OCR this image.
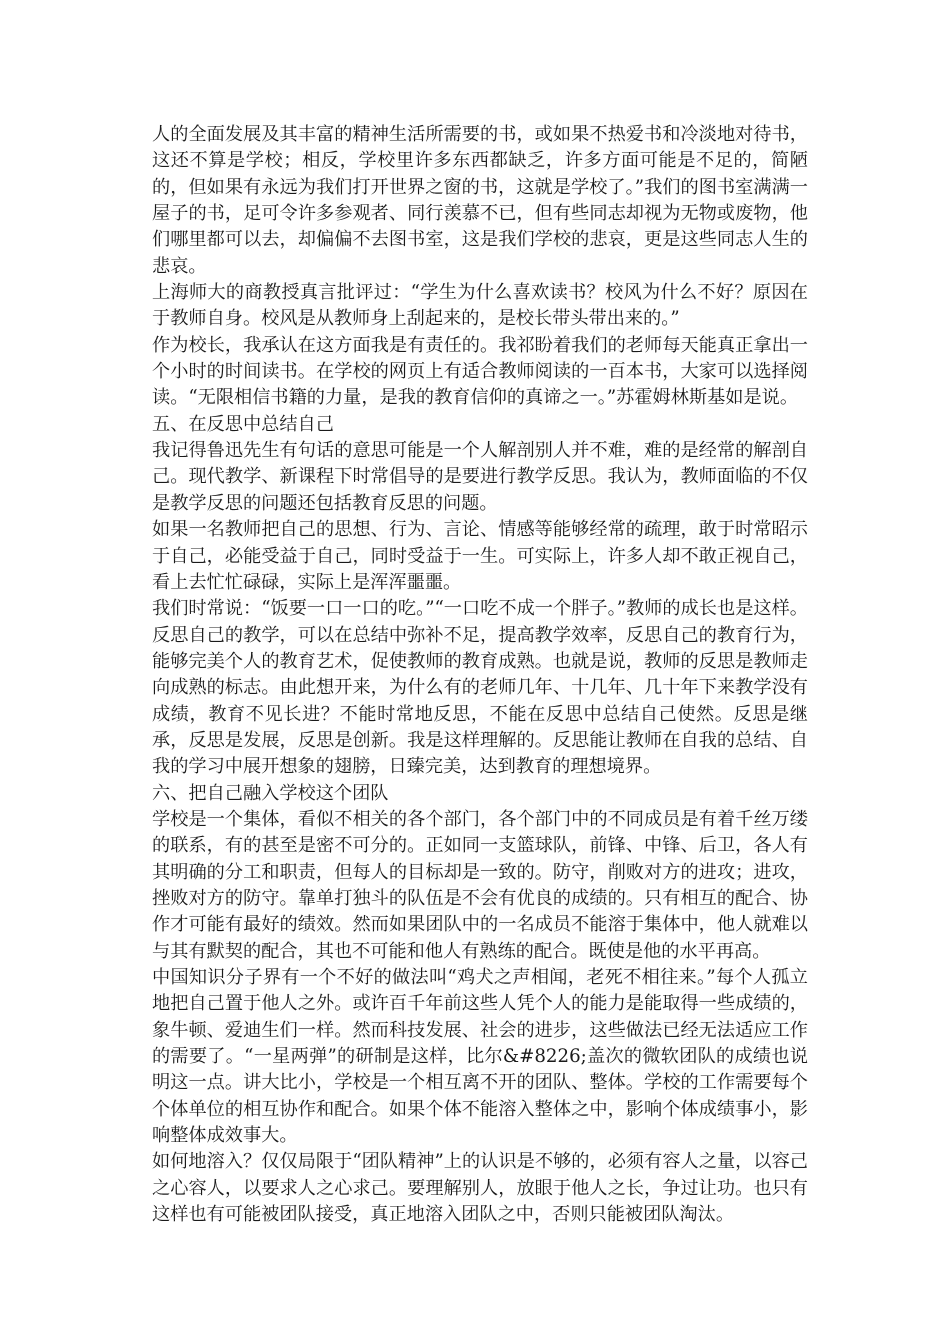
人的全面发展及其丰富的精神生活所需要的书，或如果不热爱书和冷淡地对待书，这还不算是学校；相反，学校里许多东西都缺乏，许多方面可能是不足的，简陋的，但如果有永远为我们打开世界之窗的书，这就是学校了。”我们的图书室满满一屋子的书，足可令许多参观者、同行羡慕不已，但有些同志却视为无物或废物，他们哪里都可以去，却偏偏不去图书室，这是我们学校的悲哀，更是这些同志人生的悲哀。

上海师大的商教授真言批评过：“学生为什么喜欢读书？校风为什么不好？原因在于教师自身。校风是从教师身上刮起来的，是校长带头带出来的。”

作为校长，我承认在这方面我是有责任的。我祁盼着我们的老师每天能真正拿出一个小时的时间读书。在学校的网页上有适合教师阅读的一百本书，大家可以选择阅读。“无限相信书籍的力量，是我的教育信仰的真谛之一。”苏霍姆林斯基如是说。

五、在反思中总结自己

我记得鲁迅先生有句话的意思可能是一个人解剖别人并不难，难的是经常的解剖自己。现代教学、新课程下时常倡导的是要进行教学反思。我认为，教师面临的不仅是教学反思的问题还包括教育反思的问题。

如果一名教师把自己的思想、行为、言论、情感等能够经常的疏理，敢于时常昭示于自己，必能受益于自己，同时受益于一生。可实际上，许多人却不敢正视自己，看上去忙忙碌碌，实际上是浑浑噩噩。

我们时常说：“饭要一口一口的吃。”“一口吃不成一个胖子。”教师的成长也是这样。反思自己的教学，可以在总结中弥补不足，提高教学效率，反思自己的教育行为，能够完美个人的教育艺术，促使教师的教育成熟。也就是说，教师的反思是教师走向成熟的标志。由此想开来，为什么有的老师几年、十几年、几十年下来教学没有成绩，教育不见长进？不能时常地反思，不能在反思中总结自己使然。反思是继承，反思是发展，反思是创新。我是这样理解的。反思能让教师在自我的总结、自我的学习中展开想象的翅膀，日臻完美，达到教育的理想境界。

六、把自己融入学校这个团队

学校是一个集体，看似不相关的各个部门，各个部门中的不同成员是有着千丝万缕的联系，有的甚至是密不可分的。正如同一支篮球队，前锋、中锋、后卫，各人有其明确的分工和职责，但每人的目标却是一致的。防守，削败对方的进攻；进攻，挫败对方的防守。靠单打独斗的队伍是不会有优良的成绩的。只有相互的配合、协作才可能有最好的绩效。然而如果团队中的一名成员不能溶于集体中，他人就难以与其有默契的配合，其也不可能和他人有熟练的配合。既使是他的水平再高。

中国知识分子界有一个不好的做法叫“鸡犬之声相闻，老死不相往来。”每个人孤立地把自己置于他人之外。或许百千年前这些人凭个人的能力是能取得一些成绩的，象牛顿、爱迪生们一样。然而科技发展、社会的进步，这些做法已经无法适应工作的需要了。“一星两弹”的研制是这样，比尔&#8226;盖次的微软团队的成绩也说明这一点。讲大比小，学校是一个相互离不开的团队、整体。学校的工作需要每个个体单位的相互协作和配合。如果个体不能溶入整体之中，影响个体成绩事小，影响整体成效事大。

如何地溶入？仅仅局限于“团队精神”上的认识是不够的，必须有容人之量，以容己之心容人，以要求人之心求己。要理解别人，放眼于他人之长，争过让功。也只有这样也有可能被团队接受，真正地溶入团队之中，否则只能被团队淘汰。
